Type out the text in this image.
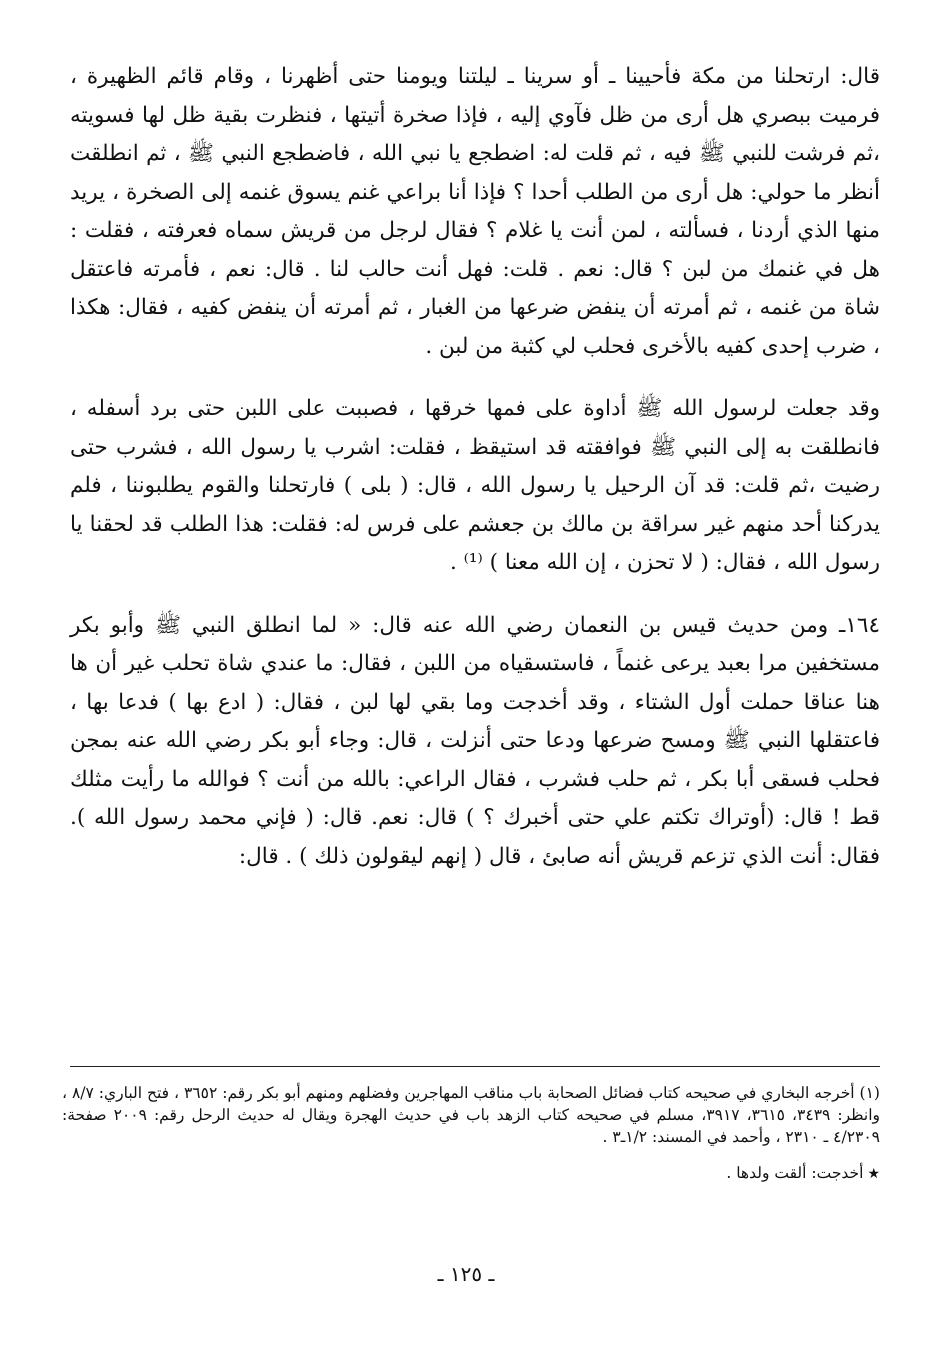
قال: ارتحلنا من مكة فأحيينا ـ أو سرينا ـ ليلتنا ويومنا حتى أظهرنا ، وقام قائم الظهيرة ، فرميت ببصري هل أرى من ظل فآوي إليه ، فإذا صخرة أتيتها ، فنظرت بقية ظل لها فسويته ،ثم فرشت للنبي ﷺ فيه ، ثم قلت له: اضطجع يا نبي الله ، فاضطجع النبي ﷺ ، ثم انطلقت أنظر ما حولي: هل أرى من الطلب أحدا ؟ فإذا أنا براعي غنم يسوق غنمه إلى الصخرة ، يريد منها الذي أردنا ، فسألته ، لمن أنت يا غلام ؟ فقال لرجل من قريش سماه فعرفته ، فقلت : هل في غنمك من لبن ؟ قال: نعم . قلت: فهل أنت حالب لنا . قال: نعم ، فأمرته فاعتقل شاة من غنمه ، ثم أمرته أن ينفض ضرعها من الغبار ، ثم أمرته أن ينفض كفيه ، فقال: هكذا ، ضرب إحدى كفيه بالأخرى فحلب لي كثبة من لبن .

وقد جعلت لرسول الله ﷺ أداوة على فمها خرقها ، فصببت على اللبن حتى برد أسفله ، فانطلقت به إلى النبي ﷺ فوافقته قد استيقظ ، فقلت: اشرب يا رسول الله ، فشرب حتى رضيت ،ثم قلت: قد آن الرحيل يا رسول الله ، قال: ( بلى ) فارتحلنا والقوم يطلبوننا ، فلم يدركنا أحد منهم غير سراقة بن مالك بن جعشم على فرس له: فقلت: هذا الطلب قد لحقنا يا رسول الله ، فقال: ( لا تحزن ، إن الله معنا ) ⁽¹⁾ .

١٦٤ـ ومن حديث قيس بن النعمان رضي الله عنه قال: « لما انطلق النبي ﷺ وأبو بكر مستخفين مرا بعبد يرعى غنماً ، فاستسقياه من اللبن ، فقال: ما عندي شاة تحلب غير أن ها هنا عناقا حملت أول الشتاء ، وقد أخدجت وما بقي لها لبن ، فقال: ( ادع بها ) فدعا بها ، فاعتقلها النبي ﷺ ومسح ضرعها ودعا حتى أنزلت ، قال: وجاء أبو بكر رضي الله عنه بمجن فحلب فسقى أبا بكر ، ثم حلب فشرب ، فقال الراعي: بالله من أنت ؟ فوالله ما رأيت مثلك قط ! قال: (أوتراك تكتم علي حتى أخبرك ؟ ) قال: نعم. قال: ( فإني محمد رسول الله ). فقال: أنت الذي تزعم قريش أنه صابئ ، قال ( إنهم ليقولون ذلك ) . قال:

(١) أخرجه البخاري في صحيحه كتاب فضائل الصحابة باب مناقب المهاجرين وفضلهم ومنهم أبو بكر رقم: ٣٦٥٢ ، فتح الباري: ٨/٧ ، وانظر: ٣٤٣٩، ٣٦١٥، ٣٩١٧، مسلم في صحيحه كتاب الزهد باب في حديث الهجرة ويقال له حديث الرحل رقم: ٢٠٠٩ صفحة: ٤/٢٣٠٩ ـ ٢٣١٠ ، وأحمد في المسند: ١/٢ـ٣ .

★أخدجت: ألقت ولدها .

ـ ١٢٥ ـ
